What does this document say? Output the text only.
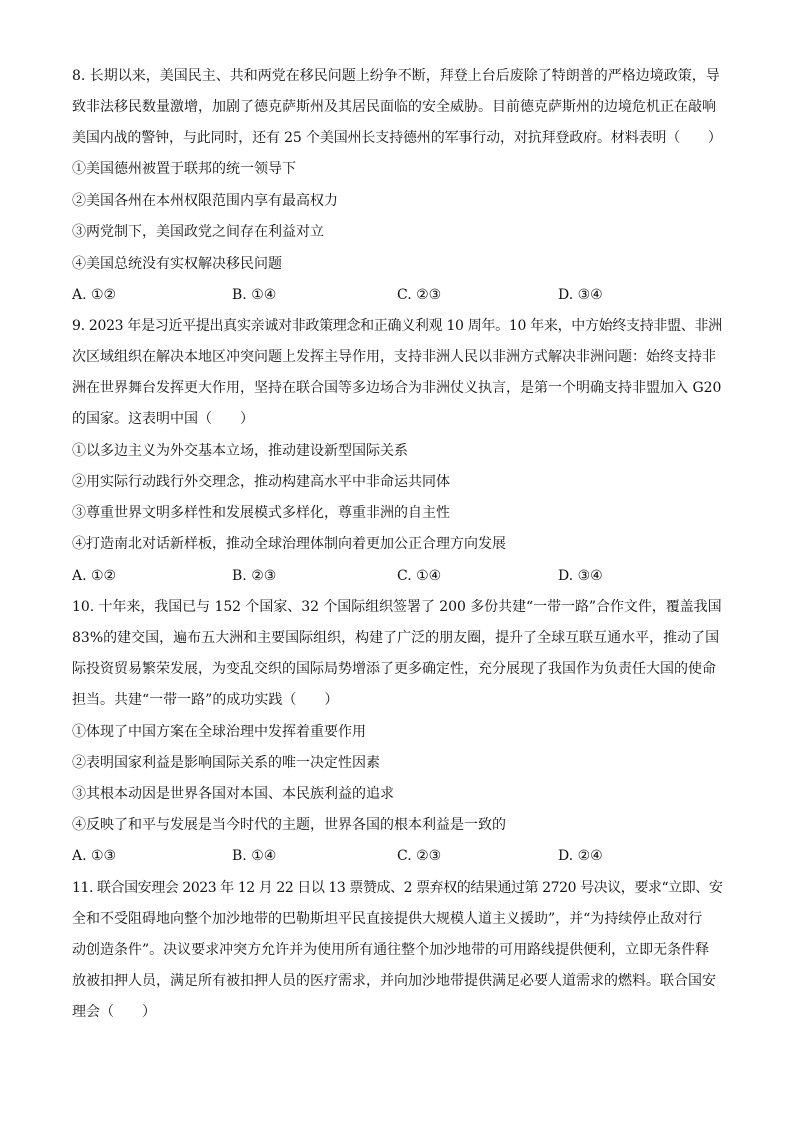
8. 长期以来，美国民主、共和两党在移民问题上纷争不断，拜登上台后废除了特朗普的严格边境政策，导
致非法移民数量激增，加剧了德克萨斯州及其居民面临的安全威胁。目前德克萨斯州的边境危机正在敲响
美国内战的警钟，与此同时，还有 25 个美国州长支持德州的军事行动，对抗拜登政府。材料表明（　　）
①美国德州被置于联邦的统一领导下
②美国各州在本州权限范围内享有最高权力
③两党制下，美国政党之间存在利益对立
④美国总统没有实权解决移民问题
A. ①②	B. ①④	C. ②③	D. ③④
9. 2023 年是习近平提出真实亲诚对非政策理念和正确义利观 10 周年。10 年来，中方始终支持非盟、非洲
次区域组织在解决本地区冲突问题上发挥主导作用，支持非洲人民以非洲方式解决非洲问题：始终支持非
洲在世界舞台发挥更大作用，坚持在联合国等多边场合为非洲仗义执言，是第一个明确支持非盟加入 G20
的国家。这表明中国（　　）
①以多边主义为外交基本立场，推动建设新型国际关系
②用实际行动践行外交理念，推动构建高水平中非命运共同体
③尊重世界文明多样性和发展模式多样化，尊重非洲的自主性
④打造南北对话新样板，推动全球治理体制向着更加公正合理方向发展
A. ①②	B. ②③	C. ①④	D. ③④
10. 十年来，我国已与 152 个国家、32 个国际组织签署了 200 多份共建“一带一路”合作文件，覆盖我国
83%的建交国，遍布五大洲和主要国际组织，构建了广泛的朋友圈，提升了全球互联互通水平，推动了国
际投资贸易繁荣发展，为变乱交织的国际局势增添了更多确定性，充分展现了我国作为负责任大国的使命
担当。共建“一带一路”的成功实践（　　）
①体现了中国方案在全球治理中发挥着重要作用
②表明国家利益是影响国际关系的唯一决定性因素
③其根本动因是世界各国对本国、本民族利益的追求
④反映了和平与发展是当今时代的主题，世界各国的根本利益是一致的
A. ①③	B. ①④	C. ②③	D. ②④
11. 联合国安理会 2023 年 12 月 22 日以 13 票赞成、2 票弃权的结果通过第 2720 号决议，要求“立即、安
全和不受阻碍地向整个加沙地带的巴勒斯坦平民直接提供大规模人道主义援助”，并“为持续停止敌对行
动创造条件”。决议要求冲突方允许并为使用所有通往整个加沙地带的可用路线提供便利，立即无条件释
放被扣押人员，满足所有被扣押人员的医疗需求，并向加沙地带提供满足必要人道需求的燃料。联合国安
理会（　　）
